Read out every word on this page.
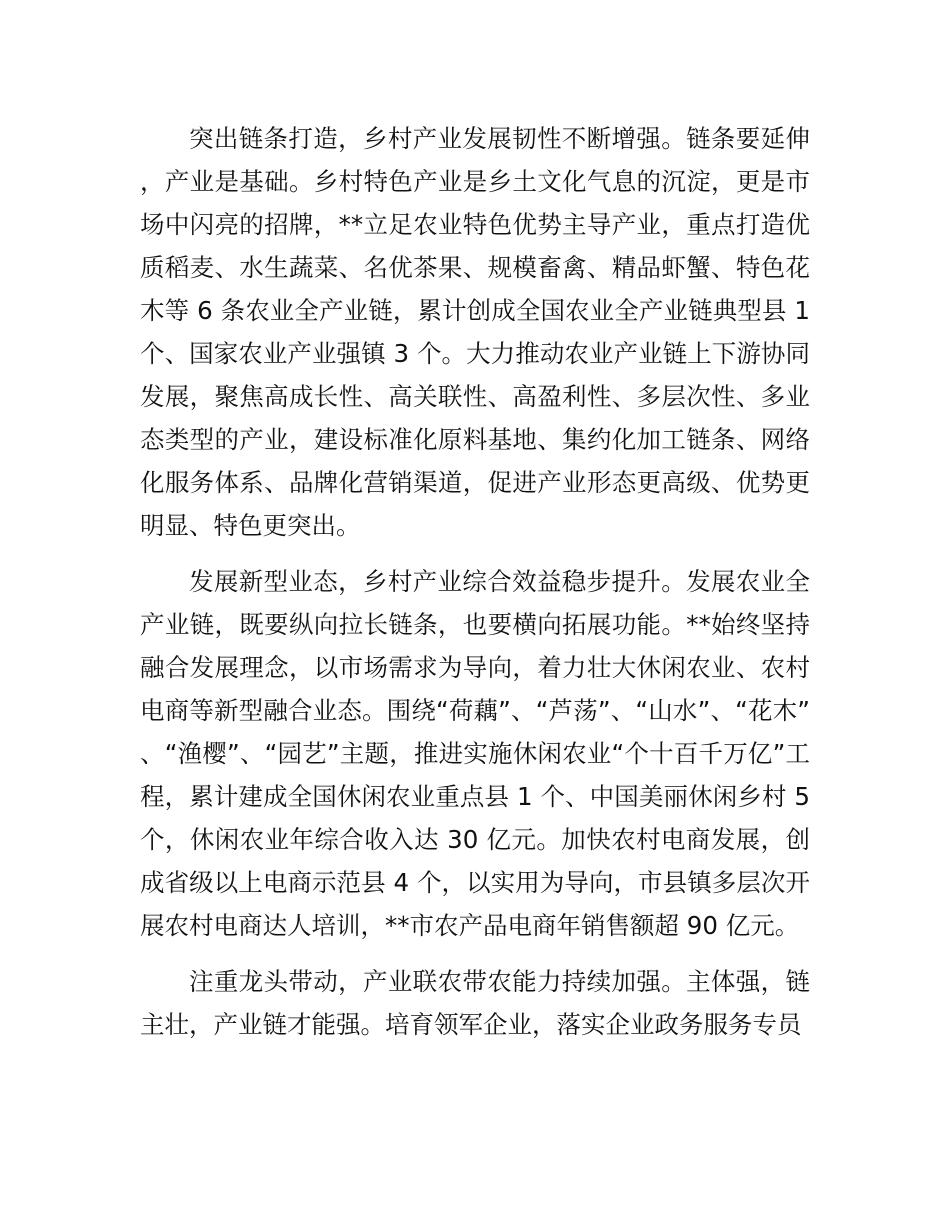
突出链条打造，乡村产业发展韧性不断增强。链条要延伸，产业是基础。乡村特色产业是乡土文化气息的沉淀，更是市场中闪亮的招牌，**立足农业特色优势主导产业，重点打造优质稻麦、水生蔬菜、名优茶果、规模畜禽、精品虾蟹、特色花木等 6 条农业全产业链，累计创成全国农业全产业链典型县 1 个、国家农业产业强镇 3 个。大力推动农业产业链上下游协同发展，聚焦高成长性、高关联性、高盈利性、多层次性、多业态类型的产业，建设标准化原料基地、集约化加工链条、网络化服务体系、品牌化营销渠道，促进产业形态更高级、优势更明显、特色更突出。

发展新型业态，乡村产业综合效益稳步提升。发展农业全产业链，既要纵向拉长链条，也要横向拓展功能。**始终坚持融合发展理念，以市场需求为导向，着力壮大休闲农业、农村电商等新型融合业态。围绕“荷藕”、“芦荡”、“山水”、“花木”、“渔樱”、“园艺”主题，推进实施休闲农业“个十百千万亿”工程，累计建成全国休闲农业重点县 1 个、中国美丽休闲乡村 5 个，休闲农业年综合收入达 30 亿元。加快农村电商发展，创成省级以上电商示范县 4 个，以实用为导向，市县镇多层次开展农村电商达人培训，**市农产品电商年销售额超 90 亿元。

注重龙头带动，产业联农带农能力持续加强。主体强，链主壮，产业链才能强。培育领军企业，落实企业政务服务专员
